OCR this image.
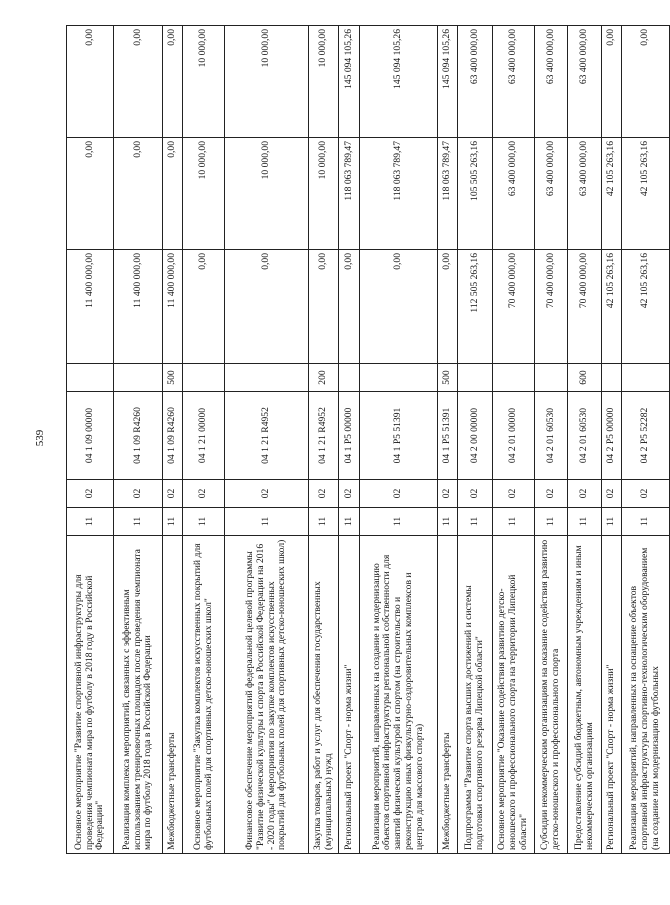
539
Основное мероприятие "Развитие спортивной инфраструктуры для проведения чемпионата мира по футболу в 2018 году в Российской Федерации"	11	02	04 1 09 00000		11 400 000,00	0,00	0,00
Реализация комплекса мероприятий, связанных с эффективным использованием тренировочных площадок после проведения чемпионата мира по футболу 2018 года в Российской Федерации	11	02	04 1 09 R4260		11 400 000,00	0,00	0,00
Межбюджетные трансферты	11	02	04 1 09 R4260	500	11 400 000,00	0,00	0,00
Основное мероприятие "Закупка комплектов искусственных покрытий для футбольных полей для спортивных детско-юношеских школ"	11	02	04 1 21 00000		0,00	10 000,00	10 000,00
Финансовое обеспечение мероприятий федеральной целевой программы "Развитие физической культуры и спорта в Российской Федерации на 2016 - 2020 годы" (мероприятия по закупке комплектов искусственных покрытий для футбольных полей для спортивных детско-юношеских школ)	11	02	04 1 21 R4952		0,00	10 000,00	10 000,00
Закупка товаров, работ и услуг для обеспечения государственных (муниципальных) нужд	11	02	04 1 21 R4952	200	0,00	10 000,00	10 000,00
Региональный проект "Спорт - норма жизни"	11	02	04 1 P5 00000		0,00	118 063 789,47	145 094 105,26
Реализация мероприятий, направленных на создание и модернизацию объектов спортивной инфраструктуры региональной собственности для занятий физической культурой и спортом (на строительство и реконструкцию иных физкультурно-оздоровительных комплексов и центров для массового спорта)	11	02	04 1 P5 51391		0,00	118 063 789,47	145 094 105,26
Межбюджетные трансферты	11	02	04 1 P5 51391	500	0,00	118 063 789,47	145 094 105,26
Подпрограмма "Развитие спорта высших достижений и системы подготовки спортивного резерва Липецкой области"	11	02	04 2 00 00000		112 505 263,16	105 505 263,16	63 400 000,00
Основное мероприятие "Оказание содействия развитию детско-юношеского и профессионального спорта на территории Липецкой области"	11	02	04 2 01 00000		70 400 000,00	63 400 000,00	63 400 000,00
Субсидии некоммерческим организациям на оказание содействия развитию детско-юношеского и профессионального спорта	11	02	04 2 01 60530		70 400 000,00	63 400 000,00	63 400 000,00
Предоставление субсидий бюджетным, автономным учреждениям и иным некоммерческим организациям	11	02	04 2 01 60530	600	70 400 000,00	63 400 000,00	63 400 000,00
Региональный проект "Спорт - норма жизни"	11	02	04 2 P5 00000		42 105 263,16	42 105 263,16	0,00
Реализация мероприятий, направленных на оснащение объектов спортивной инфраструктуры спортивно-технологическим оборудованием (на создание или модернизацию футбольных	11	02	04 2 P5 52282		42 105 263,16	42 105 263,16	0,00
